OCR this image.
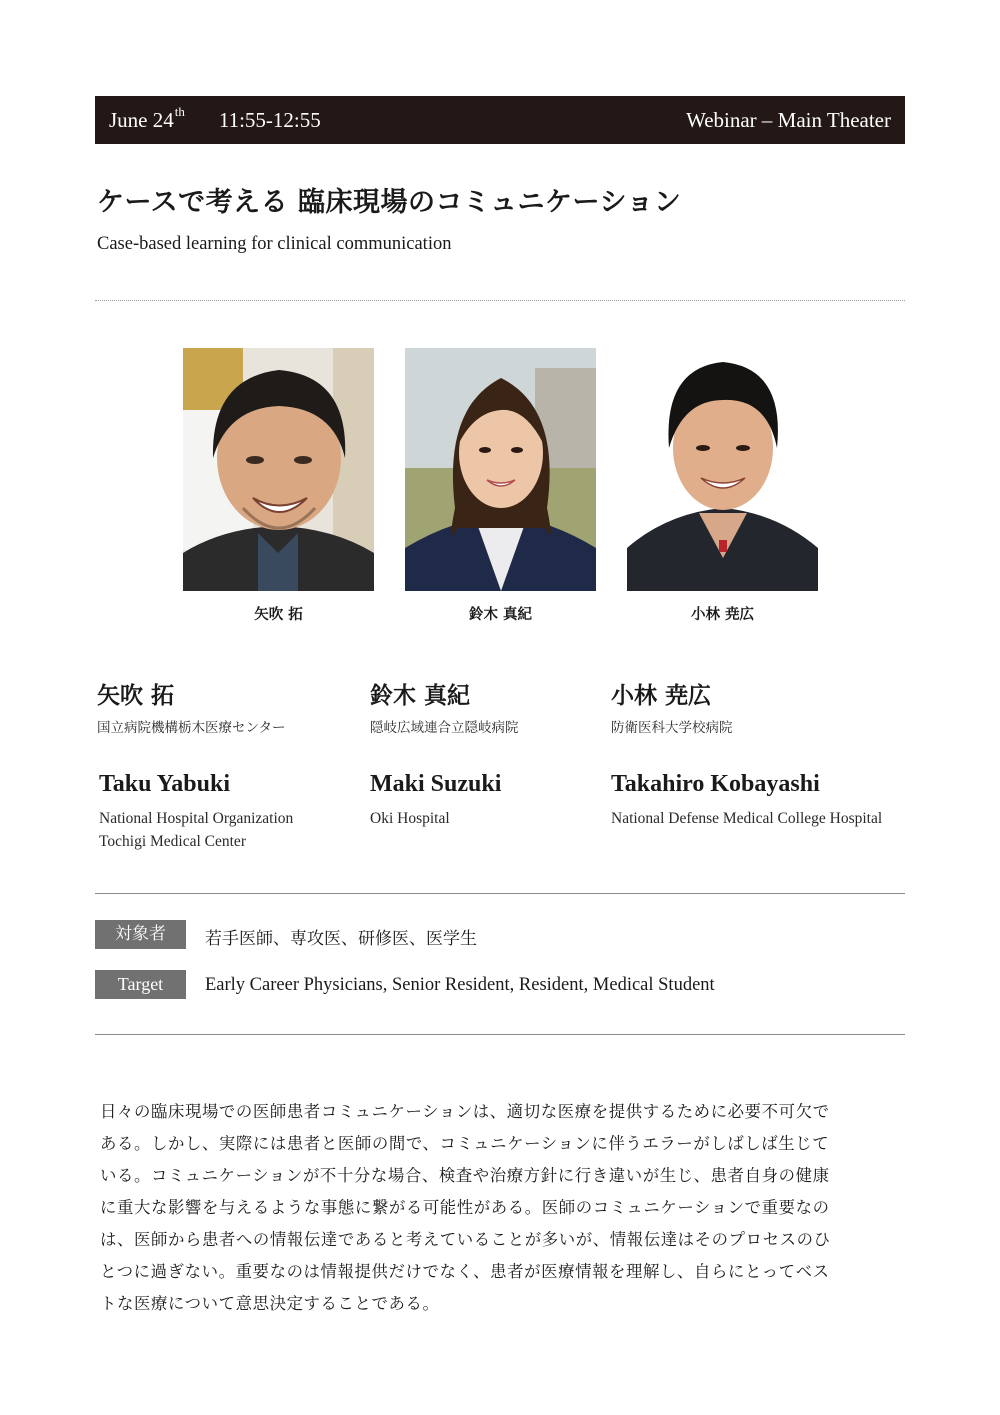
June 24th 11:55-12:55	Webinar – Main Theater
ケースで考える 臨床現場のコミュニケーション
Case-based learning for clinical communication
矢吹 拓	鈴木 真紀	小林 尭広
矢吹 拓
国立病院機構栃木医療センター
Taku Yabuki
National Hospital Organization
Tochigi Medical Center
鈴木 真紀
隠岐広域連合立隠岐病院
Maki Suzuki
Oki Hospital
小林 尭広
防衛医科大学校病院
Takahiro Kobayashi
National Defense Medical College Hospital
対象者	若手医師、専攻医、研修医、医学生
Target	Early Career Physicians, Senior Resident, Resident, Medical Student
日々の臨床現場での医師患者コミュニケーションは、適切な医療を提供するために必要不可欠で
ある。しかし、実際には患者と医師の間で、コミュニケーションに伴うエラーがしばしば生じて
いる。コミュニケーションが不十分な場合、検査や治療方針に行き違いが生じ、患者自身の健康
に重大な影響を与えるような事態に繋がる可能性がある。医師のコミュニケーションで重要なの
は、医師から患者への情報伝達であると考えていることが多いが、情報伝達はそのプロセスのひ
とつに過ぎない。重要なのは情報提供だけでなく、患者が医療情報を理解し、自らにとってベス
トな医療について意思決定することである。
